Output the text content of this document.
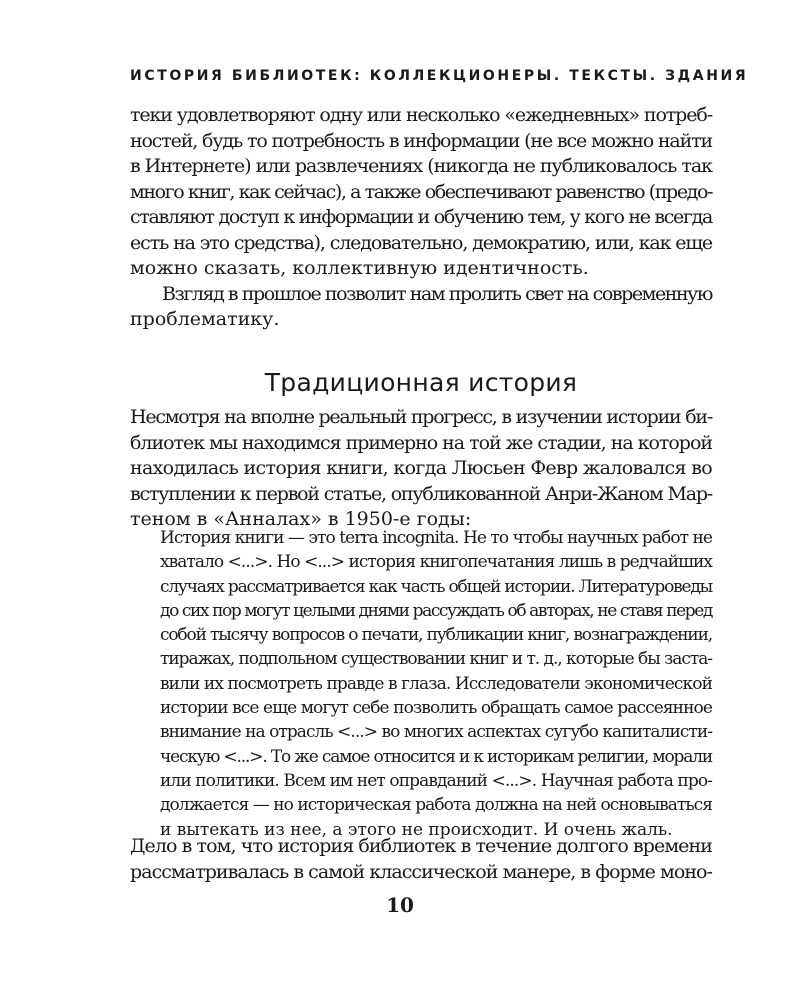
ИСТОРИЯ БИБЛИОТЕК: КОЛЛЕКЦИОНЕРЫ. ТЕКСТЫ. ЗДАНИЯ

теки удовлетворяют одну или несколько «ежедневных» потреб-

ностей, будь то потребность в информации (не все можно найти

в Интернете) или развлечениях (никогда не публиковалось так

много книг, как сейчас), а также обеспечивают равенство (предо-

ставляют доступ к информации и обучению тем, у кого не всегда

есть на это средства), следовательно, демократию, или, как еще

можно сказать, коллективную идентичность.

Взгляд в прошлое позволит нам пролить свет на современную

проблематику.

Традиционная история
Несмотря на вполне реальный прогресс, в изучении истории би-
блиотек мы находимся примерно на той же стадии, на которой
находилась история книги, когда Люсьен Февр жаловался во
вступлении к первой статье, опубликованной Анри-Жаном Мар-
теном в «Анналах» в 1950-е годы:

История книги — это terra incognita. Не то чтобы научных работ не

хватало <...>. Но <...> история книгопечатания лишь в редчайших

случаях рассматривается как часть общей истории. Литературоведы

до сих пор могут целыми днями рассуждать об авторах, не ставя перед

собой тысячу вопросов о печати, публикации книг, вознаграждении,

тиражах, подпольном существовании книг и т. д., которые бы заста-

вили их посмотреть правде в глаза. Исследователи экономической

истории все еще могут себе позволить обращать самое рассеянное

внимание на отрасль <...> во многих аспектах сугубо капиталисти-

ческую <...>. То же самое относится и к историкам религии, морали

или политики. Всем им нет оправданий <...>. Научная работа про-

должается — но историческая работа должна на ней основываться

и вытекать из нее, а этого не происходит. И очень жаль.

Дело в том, что история библиотек в течение долгого времени
рассматривалась в самой классической манере, в форме моно-
10
